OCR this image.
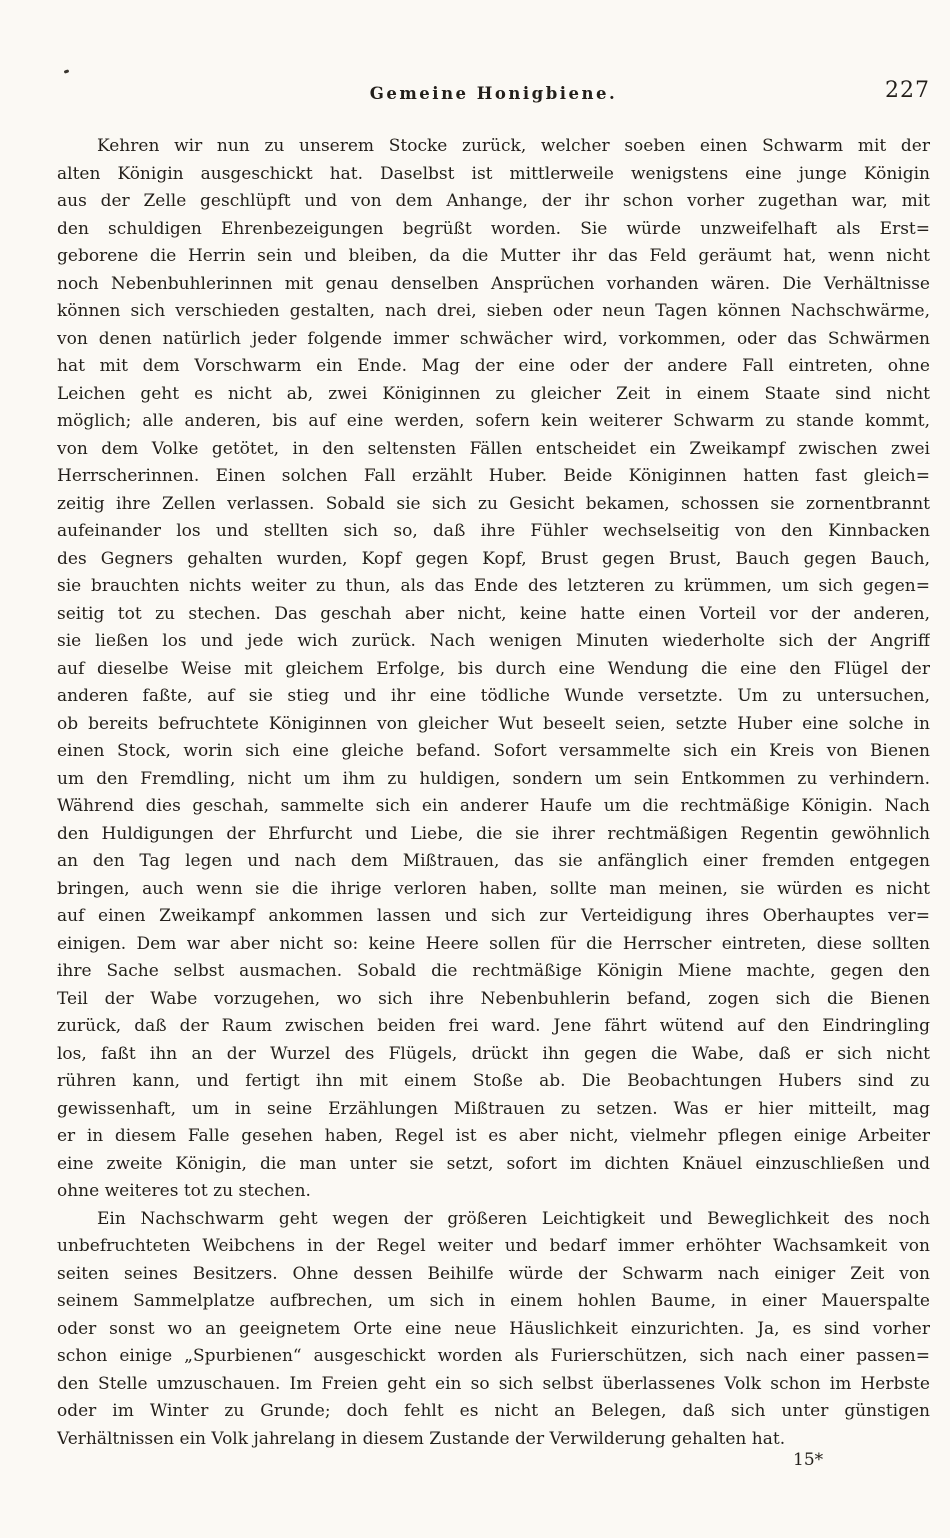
Gemeine Honigbiene.	227
Kehren wir nun zu unserem Stocke zurück, welcher soeben einen Schwarm mit der
alten Königin ausgeschickt hat. Daselbst ist mittlerweile wenigstens eine junge Königin
aus der Zelle geschlüpft und von dem Anhange, der ihr schon vorher zugethan war, mit
den schuldigen Ehrenbezeigungen begrüßt worden. Sie würde unzweifelhaft als Erst=
geborene die Herrin sein und bleiben, da die Mutter ihr das Feld geräumt hat, wenn nicht
noch Nebenbuhlerinnen mit genau denselben Ansprüchen vorhanden wären. Die Verhältnisse
können sich verschieden gestalten, nach drei, sieben oder neun Tagen können Nachschwärme,
von denen natürlich jeder folgende immer schwächer wird, vorkommen, oder das Schwärmen
hat mit dem Vorschwarm ein Ende. Mag der eine oder der andere Fall eintreten, ohne
Leichen geht es nicht ab, zwei Königinnen zu gleicher Zeit in einem Staate sind nicht
möglich; alle anderen, bis auf eine werden, sofern kein weiterer Schwarm zu stande kommt,
von dem Volke getötet, in den seltensten Fällen entscheidet ein Zweikampf zwischen zwei
Herrscherinnen. Einen solchen Fall erzählt Huber. Beide Königinnen hatten fast gleich=
zeitig ihre Zellen verlassen. Sobald sie sich zu Gesicht bekamen, schossen sie zornentbrannt
aufeinander los und stellten sich so, daß ihre Fühler wechselseitig von den Kinnbacken
des Gegners gehalten wurden, Kopf gegen Kopf, Brust gegen Brust, Bauch gegen Bauch,
sie brauchten nichts weiter zu thun, als das Ende des letzteren zu krümmen, um sich gegen=
seitig tot zu stechen. Das geschah aber nicht, keine hatte einen Vorteil vor der anderen,
sie ließen los und jede wich zurück. Nach wenigen Minuten wiederholte sich der Angriff
auf dieselbe Weise mit gleichem Erfolge, bis durch eine Wendung die eine den Flügel der
anderen faßte, auf sie stieg und ihr eine tödliche Wunde versetzte. Um zu untersuchen,
ob bereits befruchtete Königinnen von gleicher Wut beseelt seien, setzte Huber eine solche in
einen Stock, worin sich eine gleiche befand. Sofort versammelte sich ein Kreis von Bienen
um den Fremdling, nicht um ihm zu huldigen, sondern um sein Entkommen zu verhindern.
Während dies geschah, sammelte sich ein anderer Haufe um die rechtmäßige Königin. Nach
den Huldigungen der Ehrfurcht und Liebe, die sie ihrer rechtmäßigen Regentin gewöhnlich
an den Tag legen und nach dem Mißtrauen, das sie anfänglich einer fremden entgegen
bringen, auch wenn sie die ihrige verloren haben, sollte man meinen, sie würden es nicht
auf einen Zweikampf ankommen lassen und sich zur Verteidigung ihres Oberhauptes ver=
einigen. Dem war aber nicht so: keine Heere sollen für die Herrscher eintreten, diese sollten
ihre Sache selbst ausmachen. Sobald die rechtmäßige Königin Miene machte, gegen den
Teil der Wabe vorzugehen, wo sich ihre Nebenbuhlerin befand, zogen sich die Bienen
zurück, daß der Raum zwischen beiden frei ward. Jene fährt wütend auf den Eindringling
los, faßt ihn an der Wurzel des Flügels, drückt ihn gegen die Wabe, daß er sich nicht
rühren kann, und fertigt ihn mit einem Stoße ab. Die Beobachtungen Hubers sind zu
gewissenhaft, um in seine Erzählungen Mißtrauen zu setzen. Was er hier mitteilt, mag
er in diesem Falle gesehen haben, Regel ist es aber nicht, vielmehr pflegen einige Arbeiter
eine zweite Königin, die man unter sie setzt, sofort im dichten Knäuel einzuschließen und
ohne weiteres tot zu stechen.
Ein Nachschwarm geht wegen der größeren Leichtigkeit und Beweglichkeit des noch
unbefruchteten Weibchens in der Regel weiter und bedarf immer erhöhter Wachsamkeit von
seiten seines Besitzers. Ohne dessen Beihilfe würde der Schwarm nach einiger Zeit von
seinem Sammelplatze aufbrechen, um sich in einem hohlen Baume, in einer Mauerspalte
oder sonst wo an geeignetem Orte eine neue Häuslichkeit einzurichten. Ja, es sind vorher
schon einige „Spurbienen“ ausgeschickt worden als Furierschützen, sich nach einer passen=
den Stelle umzuschauen. Im Freien geht ein so sich selbst überlassenes Volk schon im Herbste
oder im Winter zu Grunde; doch fehlt es nicht an Belegen, daß sich unter günstigen
Verhältnissen ein Volk jahrelang in diesem Zustande der Verwilderung gehalten hat.
15*
